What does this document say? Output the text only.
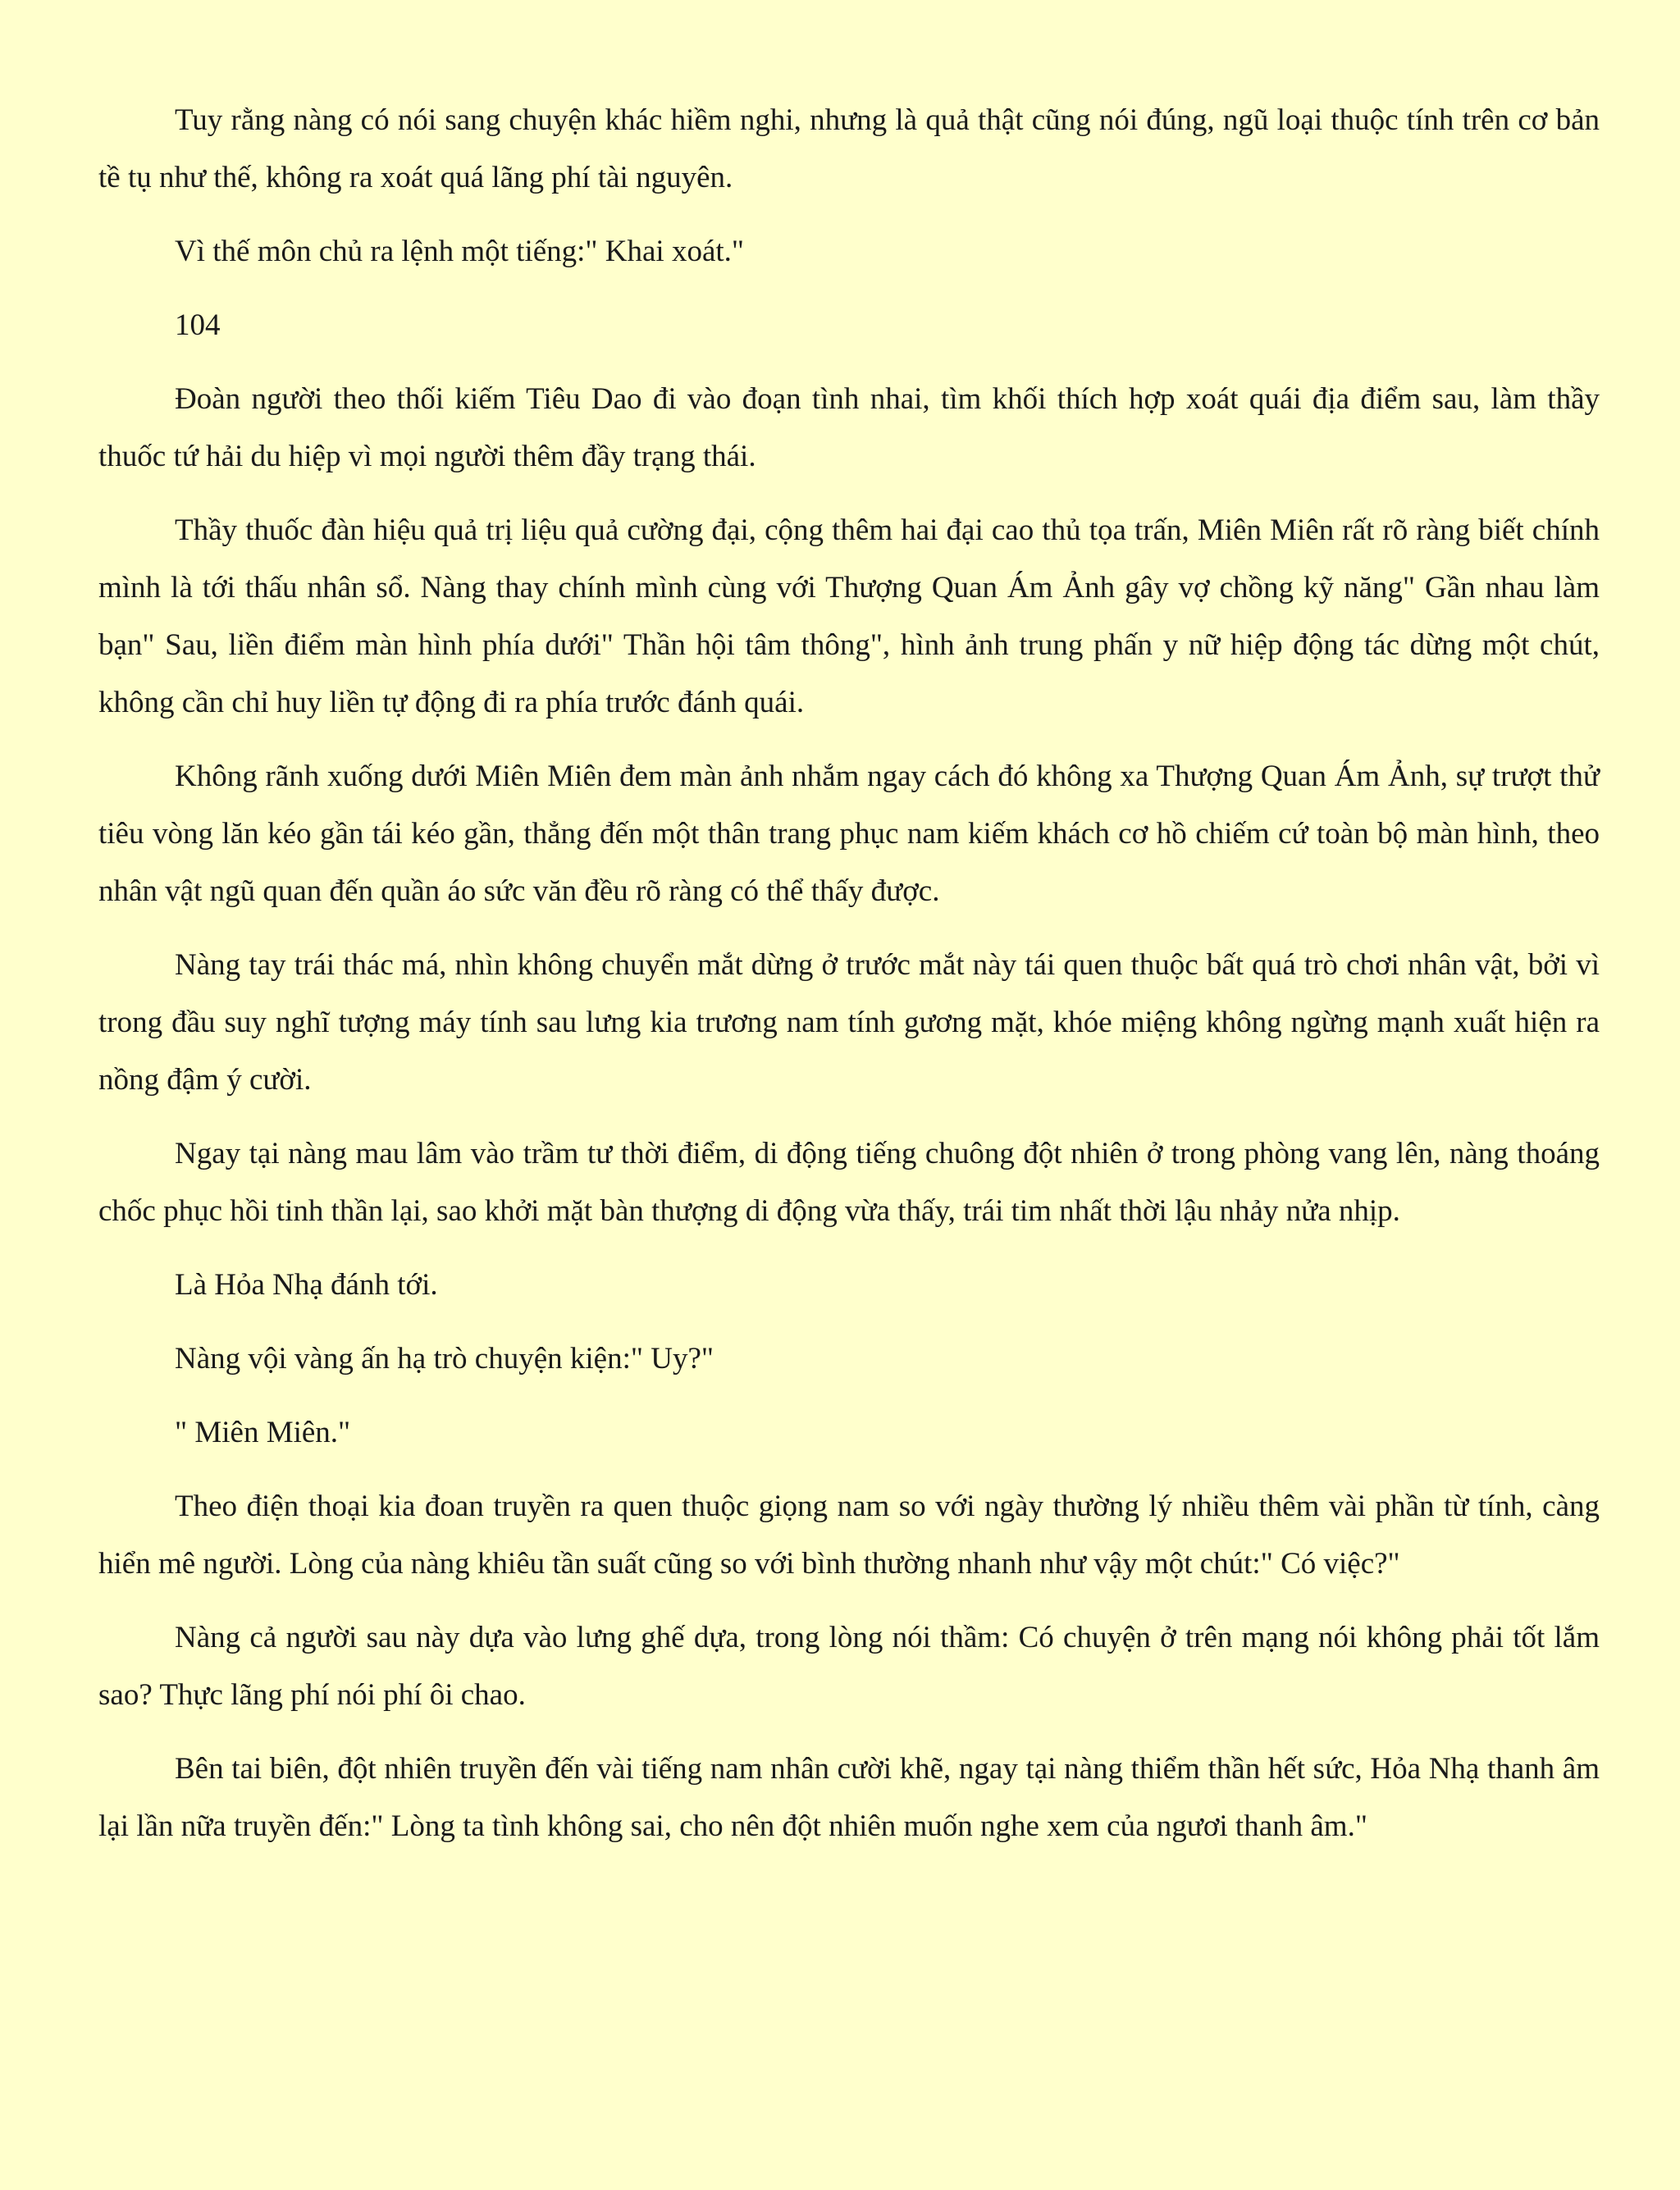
Tuy rằng nàng có nói sang chuyện khác hiềm nghi, nhưng là quả thật cũng nói đúng, ngũ loại thuộc tính trên cơ bản tề tụ như thế, không ra xoát quá lãng phí tài nguyên.

Vì thế môn chủ ra lệnh một tiếng:" Khai xoát."

104

Đoàn người theo thối kiếm Tiêu Dao đi vào đoạn tình nhai, tìm khối thích hợp xoát quái địa điểm sau, làm thầy thuốc tứ hải du hiệp vì mọi người thêm đầy trạng thái.

Thầy thuốc đàn hiệu quả trị liệu quả cường đại, cộng thêm hai đại cao thủ tọa trấn, Miên Miên rất rõ ràng biết chính mình là tới thấu nhân sổ. Nàng thay chính mình cùng với Thượng Quan Ám Ảnh gây vợ chồng kỹ năng" Gần nhau làm bạn" Sau, liền điểm màn hình phía dưới" Thần hội tâm thông", hình ảnh trung phấn y nữ hiệp động tác dừng một chút, không cần chỉ huy liền tự động đi ra phía trước đánh quái.

Không rãnh xuống dưới Miên Miên đem màn ảnh nhắm ngay cách đó không xa Thượng Quan Ám Ảnh, sự trượt thử tiêu vòng lăn kéo gần tái kéo gần, thẳng đến một thân trang phục nam kiếm khách cơ hồ chiếm cứ toàn bộ màn hình, theo nhân vật ngũ quan đến quần áo sức văn đều rõ ràng có thể thấy được.

Nàng tay trái thác má, nhìn không chuyển mắt dừng ở trước mắt này tái quen thuộc bất quá trò chơi nhân vật, bởi vì trong đầu suy nghĩ tượng máy tính sau lưng kia trương nam tính gương mặt, khóe miệng không ngừng mạnh xuất hiện ra nồng đậm ý cười.

Ngay tại nàng mau lâm vào trầm tư thời điểm, di động tiếng chuông đột nhiên ở trong phòng vang lên, nàng thoáng chốc phục hồi tinh thần lại, sao khởi mặt bàn thượng di động vừa thấy, trái tim nhất thời lậu nhảy nửa nhịp.

Là Hỏa Nhạ đánh tới.

Nàng vội vàng ấn hạ trò chuyện kiện:" Uy?"

" Miên Miên."

Theo điện thoại kia đoan truyền ra quen thuộc giọng nam so với ngày thường lý nhiều thêm vài phần từ tính, càng hiển mê người. Lòng của nàng khiêu tần suất cũng so với bình thường nhanh như vậy một chút:" Có việc?"

Nàng cả người sau này dựa vào lưng ghế dựa, trong lòng nói thầm: Có chuyện ở trên mạng nói không phải tốt lắm sao? Thực lãng phí nói phí ôi chao.

Bên tai biên, đột nhiên truyền đến vài tiếng nam nhân cười khẽ, ngay tại nàng thiểm thần hết sức, Hỏa Nhạ thanh âm lại lần nữa truyền đến:" Lòng ta tình không sai, cho nên đột nhiên muốn nghe xem của ngươi thanh âm."
